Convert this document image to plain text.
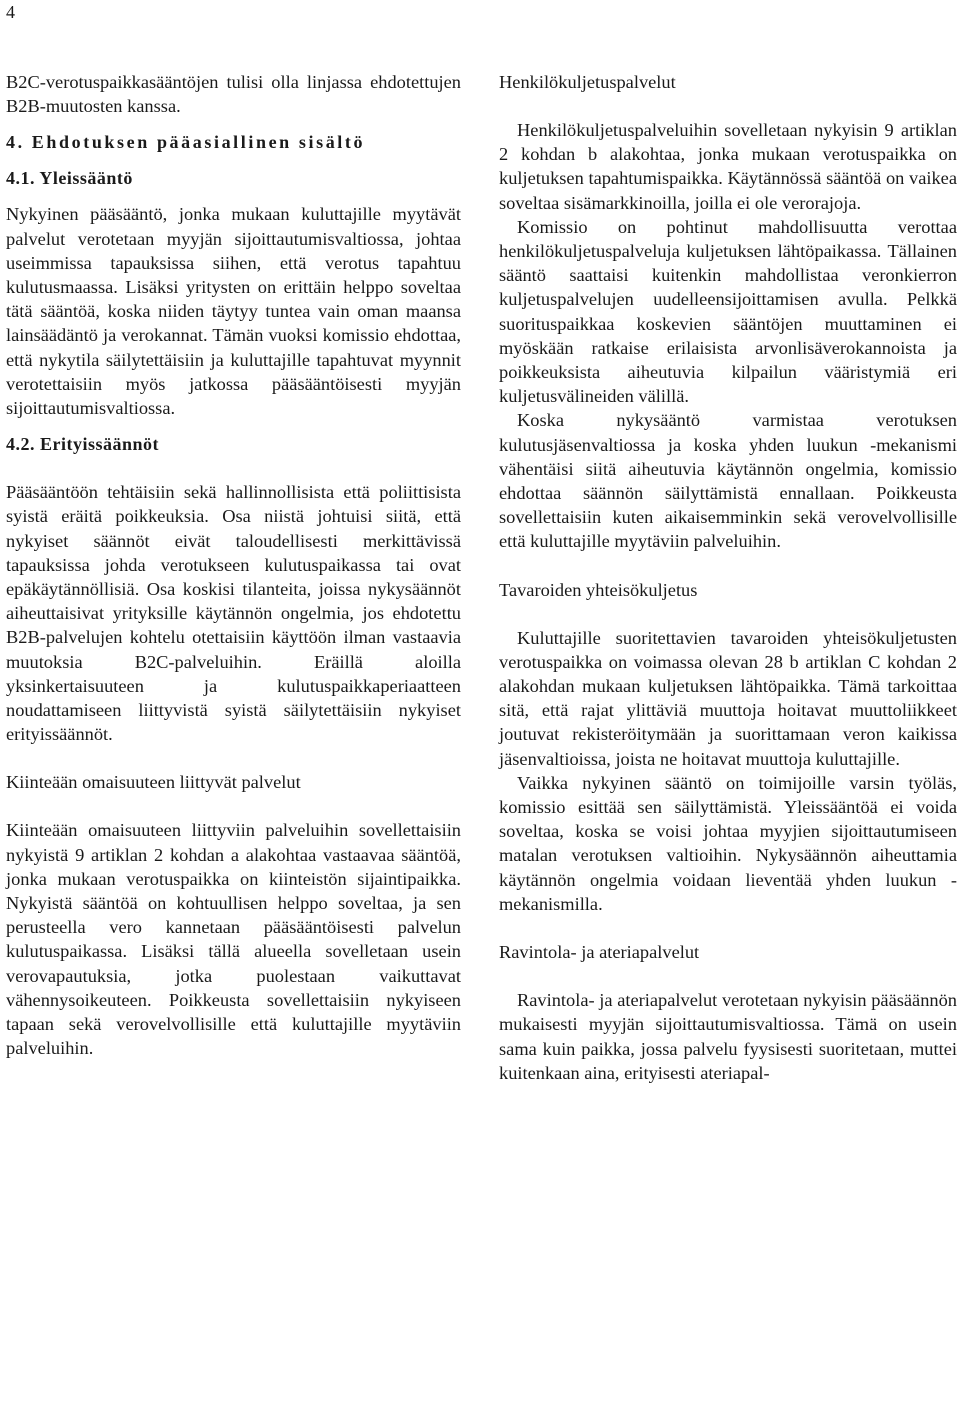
4

B2C-verotuspaikkasääntöjen tulisi olla linjassa ehdotettujen B2B-muutosten kanssa.

4. Ehdotuksen pääasiallinen sisältö
4.1. Yleissääntö

Nykyinen pääsääntö, jonka mukaan kuluttajille myytävät palvelut verotetaan myyjän sijoittautumisvaltiossa, johtaa useimmissa tapauksissa siihen, että verotus tapahtuu kulutusmaassa. Lisäksi yritysten on erittäin helppo soveltaa tätä sääntöä, koska niiden täytyy tuntea vain oman maansa lainsäädäntö ja verokannat. Tämän vuoksi komissio ehdottaa, että nykytila säilytettäisiin ja kuluttajille tapahtuvat myynnit verotettaisiin myös jatkossa pääsääntöisesti myyjän sijoittautumisvaltiossa.

4.2. Erityissäännöt

Pääsääntöön tehtäisiin sekä hallinnollisista että poliittisista syistä eräitä poikkeuksia. Osa niistä johtuisi siitä, että nykyiset säännöt eivät taloudellisesti merkittävissä tapauksissa johda verotukseen kulutuspaikassa tai ovat epäkäytännöllisiä. Osa koskisi tilanteita, joissa nykysäännöt aiheuttaisivat yrityksille käytännön ongelmia, jos ehdotettu B2B-palvelujen kohtelu otettaisiin käyttöön ilman vastaavia muutoksia B2C-palveluihin. Eräillä aloilla yksinkertaisuuteen ja kulutuspaikkaperiaatteen noudattamiseen liittyvistä syistä säilytettäisiin nykyiset erityissäännöt.

Kiinteään omaisuuteen liittyvät palvelut

Kiinteään omaisuuteen liittyviin palveluihin sovellettaisiin nykyistä 9 artiklan 2 kohdan a alakohtaa vastaavaa sääntöä, jonka mukaan verotuspaikka on kiinteistön sijaintipaikka. Nykyistä sääntöä on kohtuullisen helppo soveltaa, ja sen perusteella vero kannetaan pääsääntöisesti palvelun kulutuspaikassa. Lisäksi tällä alueella sovelletaan usein verovapautuksia, jotka puolestaan vaikuttavat vähennysoikeuteen. Poikkeusta sovellettaisiin nykyiseen tapaan sekä verovelvollisille että kuluttajille myytäviin palveluihin.

Henkilökuljetuspalvelut

Henkilökuljetuspalveluihin sovelletaan nykyisin 9 artiklan 2 kohdan b alakohtaa, jonka mukaan verotuspaikka on kuljetuksen tapahtumispaikka. Käytännössä sääntöä on vaikea soveltaa sisämarkkinoilla, joilla ei ole verorajoja.

Komissio on pohtinut mahdollisuutta verottaa henkilökuljetuspalveluja kuljetuksen lähtöpaikassa. Tällainen sääntö saattaisi kuitenkin mahdollistaa veronkierron kuljetuspalvelujen uudelleensijoittamisen avulla. Pelkkä suorituspaikkaa koskevien sääntöjen muuttaminen ei myöskään ratkaise erilaisista arvonlisäverokannoista ja poikkeuksista aiheutuvia kilpailun vääristymiä eri kuljetusvälineiden välillä.

Koska nykysääntö varmistaa verotuksen kulutusjäsenvaltiossa ja koska yhden luukun -mekanismi vähentäisi siitä aiheutuvia käytännön ongelmia, komissio ehdottaa säännön säilyttämistä ennallaan. Poikkeusta sovellettaisiin kuten aikaisemminkin sekä verovelvollisille että kuluttajille myytäviin palveluihin.

Tavaroiden yhteisökuljetus

Kuluttajille suoritettavien tavaroiden yhteisökuljetusten verotuspaikka on voimassa olevan 28 b artiklan C kohdan 2 alakohdan mukaan kuljetuksen lähtöpaikka. Tämä tarkoittaa sitä, että rajat ylittäviä muuttoja hoitavat muuttoliikkeet joutuvat rekisteröitymään ja suorittamaan veron kaikissa jäsenvaltioissa, joista ne hoitavat muuttoja kuluttajille.

Vaikka nykyinen sääntö on toimijoille varsin työläs, komissio esittää sen säilyttämistä. Yleissääntöä ei voida soveltaa, koska se voisi johtaa myyjien sijoittautumiseen matalan verotuksen valtioihin. Nykysäännön aiheuttamia käytännön ongelmia voidaan lieventää yhden luukun -mekanismilla.

Ravintola- ja ateriapalvelut

Ravintola- ja ateriapalvelut verotetaan nykyisin pääsäännön mukaisesti myyjän sijoittautumisvaltiossa. Tämä on usein sama kuin paikka, jossa palvelu fyysisesti suoritetaan, muttei kuitenkaan aina, erityisesti ateriapal-
